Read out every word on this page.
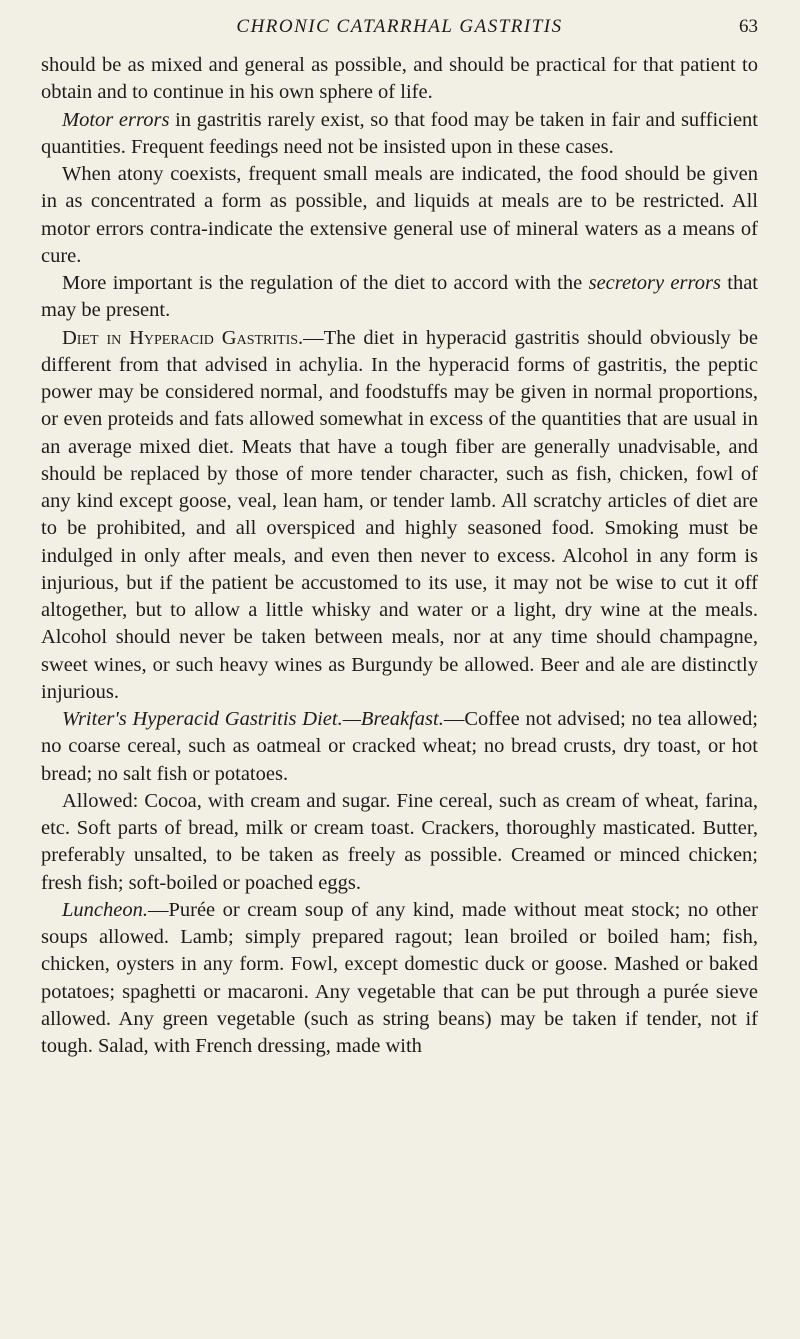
CHRONIC CATARRHAL GASTRITIS	63

should be as mixed and general as possible, and should be practical for that patient to obtain and to continue in his own sphere of life.

Motor errors in gastritis rarely exist, so that food may be taken in fair and sufficient quantities. Frequent feedings need not be insisted upon in these cases.

When atony coexists, frequent small meals are indicated, the food should be given in as concentrated a form as possible, and liquids at meals are to be restricted. All motor errors contra-indicate the extensive general use of mineral waters as a means of cure.

More important is the regulation of the diet to accord with the secretory errors that may be present.

Diet in Hyperacid Gastritis.—The diet in hyperacid gastritis should obviously be different from that advised in achylia. In the hyperacid forms of gastritis, the peptic power may be considered normal, and foodstuffs may be given in normal proportions, or even proteids and fats allowed somewhat in excess of the quantities that are usual in an average mixed diet. Meats that have a tough fiber are generally unadvisable, and should be replaced by those of more tender character, such as fish, chicken, fowl of any kind except goose, veal, lean ham, or tender lamb. All scratchy articles of diet are to be prohibited, and all overspiced and highly seasoned food. Smoking must be indulged in only after meals, and even then never to excess. Alcohol in any form is injurious, but if the patient be accustomed to its use, it may not be wise to cut it off altogether, but to allow a little whisky and water or a light, dry wine at the meals. Alcohol should never be taken between meals, nor at any time should champagne, sweet wines, or such heavy wines as Burgundy be allowed. Beer and ale are distinctly injurious.

Writer's Hyperacid Gastritis Diet.—Breakfast.—Coffee not advised; no tea allowed; no coarse cereal, such as oatmeal or cracked wheat; no bread crusts, dry toast, or hot bread; no salt fish or potatoes.

Allowed: Cocoa, with cream and sugar. Fine cereal, such as cream of wheat, farina, etc. Soft parts of bread, milk or cream toast. Crackers, thoroughly masticated. Butter, preferably unsalted, to be taken as freely as possible. Creamed or minced chicken; fresh fish; soft-boiled or poached eggs.

Luncheon.—Purée or cream soup of any kind, made without meat stock; no other soups allowed. Lamb; simply prepared ragout; lean broiled or boiled ham; fish, chicken, oysters in any form. Fowl, except domestic duck or goose. Mashed or baked potatoes; spaghetti or macaroni. Any vegetable that can be put through a purée sieve allowed. Any green vegetable (such as string beans) may be taken if tender, not if tough. Salad, with French dressing, made with
